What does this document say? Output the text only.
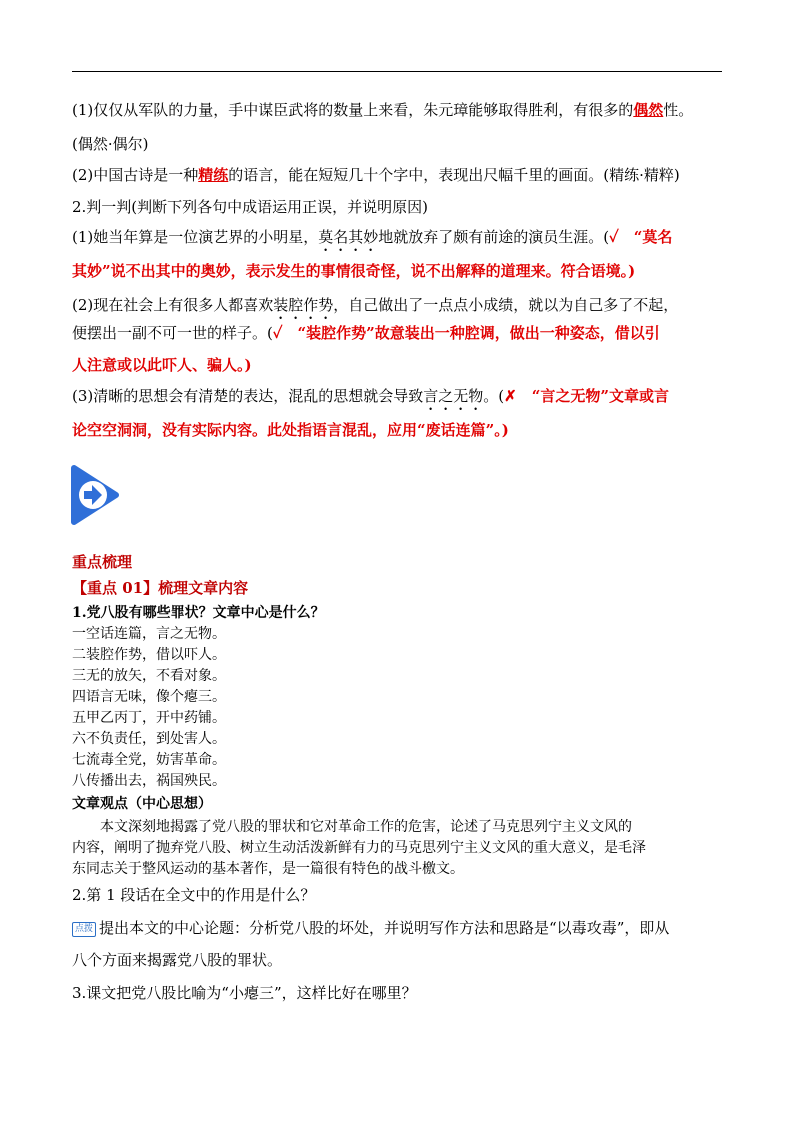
(1)仅仅从军队的力量，手中谋臣武将的数量上来看，朱元璋能够取得胜利，有很多的偶然性。
(偶然·偶尔)
(2)中国古诗是一种精练的语言，能在短短几十个字中，表现出尺幅千里的画面。(精练·精粹)
2.判一判(判断下列各句中成语运用正误，并说明原因)
(1)她当年算是一位演艺界的小明星，莫名其妙地就放弃了颇有前途的演员生涯。(✓　“莫名
其妙”说不出其中的奥妙，表示发生的事情很奇怪，说不出解释的道理来。符合语境。)
(2)现在社会上有很多人都喜欢装腔作势，自己做出了一点点小成绩，就以为自己多了不起，
便摆出一副不可一世的样子。(✓　“装腔作势”故意装出一种腔调，做出一种姿态，借以引
人注意或以此吓人、骗人。)
(3)清晰的思想会有清楚的表达，混乱的思想就会导致言之无物。(✗　“言之无物”文章或言
论空空洞洞，没有实际内容。此处指语言混乱，应用“废话连篇”。)
重点梳理
【重点 01】梳理文章内容
1.党八股有哪些罪状？文章中心是什么？
一空话连篇，言之无物。
二装腔作势，借以吓人。
三无的放矢，不看对象。
四语言无味，像个瘪三。
五甲乙丙丁，开中药铺。
六不负责任，到处害人。
七流毒全党，妨害革命。
八传播出去，祸国殃民。
文章观点（中心思想）
　　本文深刻地揭露了党八股的罪状和它对革命工作的危害，论述了马克思列宁主义文风的
内容，阐明了抛弃党八股、树立生动活泼新鲜有力的马克思列宁主义文风的重大意义，是毛泽
东同志关于整风运动的基本著作，是一篇很有特色的战斗檄文。
2.第 1 段话在全文中的作用是什么？
点拨 提出本文的中心论题：分析党八股的坏处，并说明写作方法和思路是“以毒攻毒”，即从
八个方面来揭露党八股的罪状。
3.课文把党八股比喻为“小瘪三”，这样比好在哪里？
